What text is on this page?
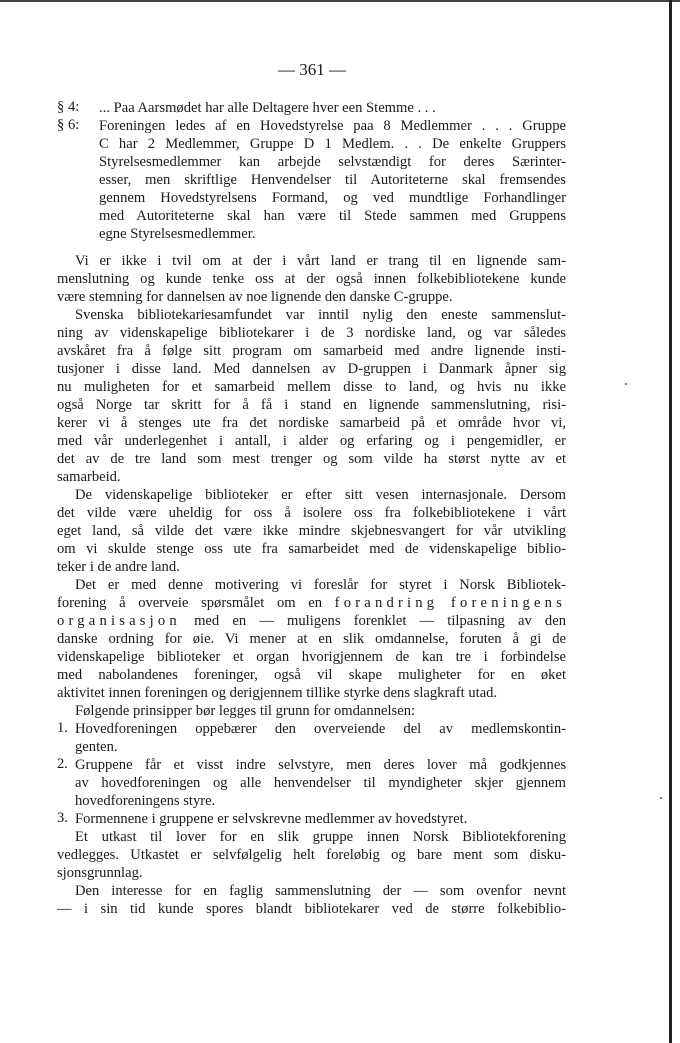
— 361 —
§ 4:	... Paa Aarsmødet har alle Deltagere hver een Stemme . . .
§ 6:	Foreningen ledes af en Hovedstyrelse paa 8 Medlemmer . . . Gruppe
C har 2 Medlemmer, Gruppe D 1 Medlem. . . De enkelte Gruppers
Styrelsesmedlemmer kan arbejde selvstændigt for deres Særinter-
esser, men skriftlige Henvendelser til Autoriteterne skal fremsendes
gennem Hovedstyrelsens Formand, og ved mundtlige Forhandlinger
med Autoriteterne skal han være til Stede sammen med Gruppens
egne Styrelsesmedlemmer.
Vi er ikke i tvil om at der i vårt land er trang til en lignende sam-
menslutning og kunde tenke oss at der også innen folkebibliotekene kunde
være stemning for dannelsen av noe lignende den danske C-gruppe.
Svenska bibliotekariesamfundet var inntil nylig den eneste sammenslut-
ning av videnskapelige bibliotekarer i de 3 nordiske land, og var således
avskåret fra å følge sitt program om samarbeid med andre lignende insti-
tusjoner i disse land. Med dannelsen av D-gruppen i Danmark åpner sig
nu muligheten for et samarbeid mellem disse to land, og hvis nu ikke
også Norge tar skritt for å få i stand en lignende sammenslutning, risi-
kerer vi å stenges ute fra det nordiske samarbeid på et område hvor vi,
med vår underlegenhet i antall, i alder og erfaring og i pengemidler, er
det av de tre land som mest trenger og som vilde ha størst nytte av et
samarbeid.
De videnskapelige biblioteker er efter sitt vesen internasjonale. Dersom
det vilde være uheldig for oss å isolere oss fra folkebibliotekene i vårt
eget land, så vilde det være ikke mindre skjebnesvangert for vår utvikling
om vi skulde stenge oss ute fra samarbeidet med de videnskapelige biblio-
teker i de andre land.
Det er med denne motivering vi foreslår for styret i Norsk Bibliotek-
forening å overveie spørsmålet om en forandring foreningens
organisasjon med en — muligens forenklet — tilpasning av den
danske ordning for øie. Vi mener at en slik omdannelse, foruten å gi de
videnskapelige biblioteker et organ hvorigjennem de kan tre i forbindelse
med nabolandenes foreninger, også vil skape muligheter for en øket
aktivitet innen foreningen og derigjennem tillike styrke dens slagkraft utad.
Følgende prinsipper bør legges til grunn for omdannelsen:
1. Hovedforeningen oppebærer den overveiende del av medlemskontin-
genten.
2. Gruppene får et visst indre selvstyre, men deres lover må godkjennes
av hovedforeningen og alle henvendelser til myndigheter skjer gjennem
hovedforeningens styre.
3. Formennene i gruppene er selvskrevne medlemmer av hovedstyret.
Et utkast til lover for en slik gruppe innen Norsk Bibliotekforening
vedlegges. Utkastet er selvfølgelig helt foreløbig og bare ment som disku-
sjonsgrunnlag.
Den interesse for en faglig sammenslutning der — som ovenfor nevnt
— i sin tid kunde spores blandt bibliotekarer ved de større folkebiblio-
